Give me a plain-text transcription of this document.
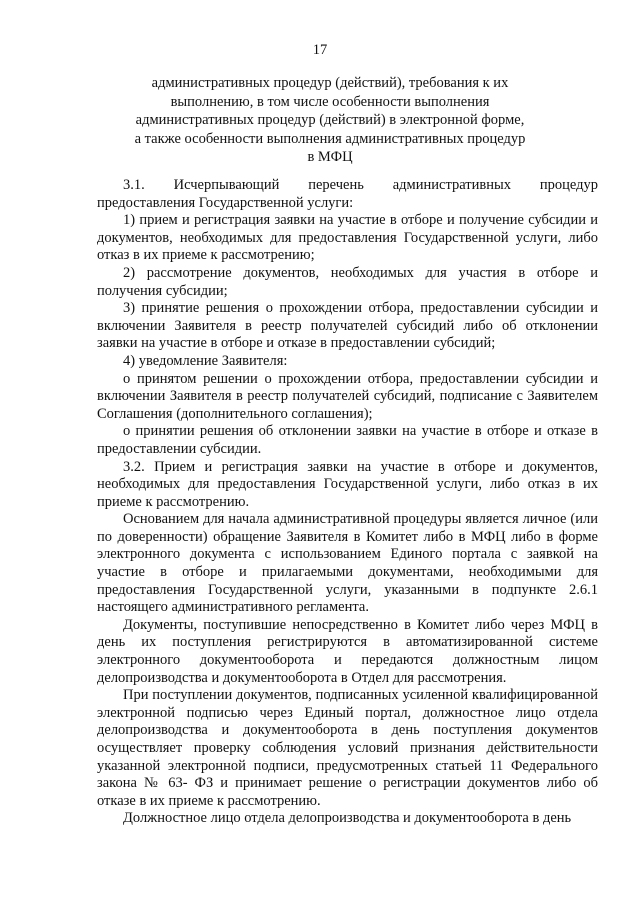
17
административных процедур (действий), требования к их
выполнению, в том числе особенности выполнения
административных процедур (действий) в электронной форме,
а также особенности выполнения административных процедур
в МФЦ

3.1. Исчерпывающий перечень административных процедур предоставления Государственной услуги:

1) прием и регистрация заявки на участие в отборе и получение субсидии и документов, необходимых для предоставления Государственной услуги, либо отказ в их приеме к рассмотрению;

2) рассмотрение документов, необходимых для участия в отборе и получения субсидии;

3) принятие решения о прохождении отбора, предоставлении субсидии и включении Заявителя в реестр получателей субсидий либо об отклонении заявки на участие в отборе и отказе в предоставлении субсидий;

4) уведомление Заявителя:

о принятом решении о прохождении отбора, предоставлении субсидии и включении Заявителя в реестр получателей субсидий, подписание с Заявителем Соглашения (дополнительного соглашения);

о принятии решения об отклонении заявки на участие в отборе и отказе в предоставлении субсидии.

3.2. Прием и регистрация заявки на участие в отборе и документов, необходимых для предоставления Государственной услуги, либо отказ в их приеме к рассмотрению.

Основанием для начала административной процедуры является личное (или по доверенности) обращение Заявителя в Комитет либо в МФЦ либо в форме электронного документа с использованием Единого портала с заявкой на участие в отборе и прилагаемыми документами, необходимыми для предоставления Государственной услуги, указанными в подпункте 2.6.1 настоящего административного регламента.

Документы, поступившие непосредственно в Комитет либо через МФЦ в день их поступления регистрируются в автоматизированной системе электронного документооборота и передаются должностным лицом делопроизводства и документооборота в Отдел для рассмотрения.

При поступлении документов, подписанных усиленной квалифицированной электронной подписью через Единый портал, должностное лицо отдела делопроизводства и документооборота в день поступления документов осуществляет проверку соблюдения условий признания действительности указанной электронной подписи, предусмотренных статьей 11 Федерального закона № 63- ФЗ и принимает решение о регистрации документов либо об отказе в их приеме к рассмотрению.

Должностное лицо отдела делопроизводства и документооборота в день
